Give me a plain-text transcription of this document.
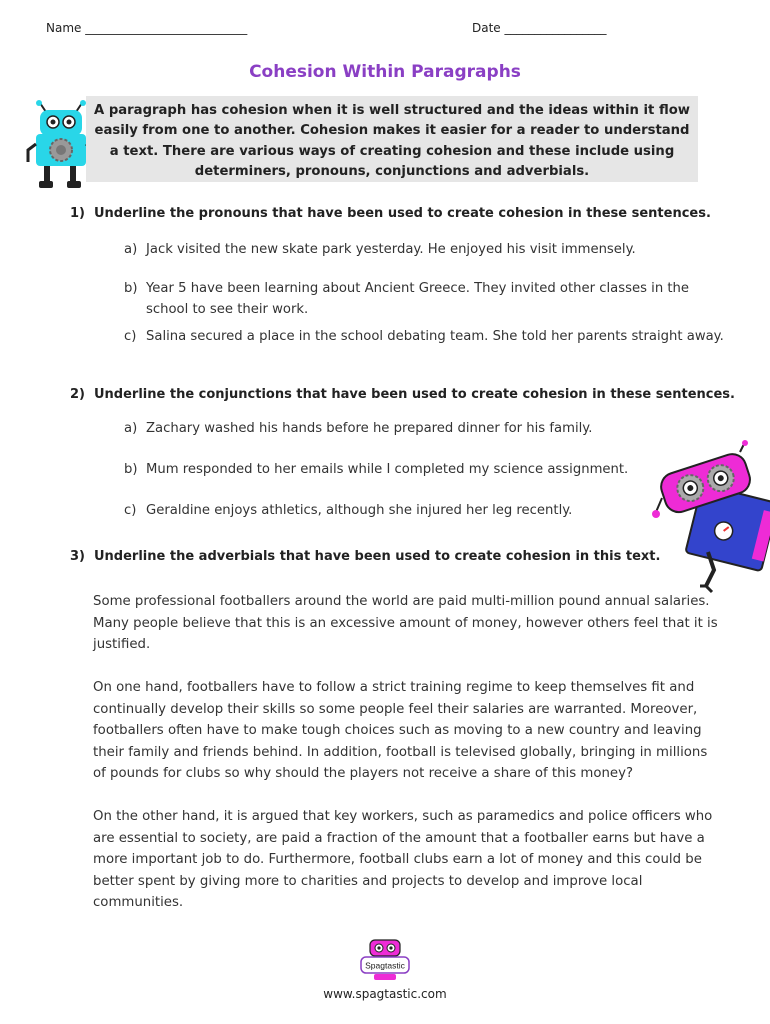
Name ___________________________	Date _________________
Cohesion Within Paragraphs
A paragraph has cohesion when it is well structured and the ideas within it flow easily from one to another. Cohesion makes it easier for a reader to understand a text. There are various ways of creating cohesion and these include using determiners, pronouns, conjunctions and adverbials.
1) Underline the pronouns that have been used to create cohesion in these sentences.
a) Jack visited the new skate park yesterday. He enjoyed his visit immensely.
b) Year 5 have been learning about Ancient Greece. They invited other classes in the school to see their work.
c) Salina secured a place in the school debating team. She told her parents straight away.
2) Underline the conjunctions that have been used to create cohesion in these sentences.
a) Zachary washed his hands before he prepared dinner for his family.
b) Mum responded to her emails while I completed my science assignment.
c) Geraldine enjoys athletics, although she injured her leg recently.
3) Underline the adverbials that have been used to create cohesion in this text.
Some professional footballers around the world are paid multi-million pound annual salaries. Many people believe that this is an excessive amount of money, however others feel that it is justified.
On one hand, footballers have to follow a strict training regime to keep themselves fit and continually develop their skills so some people feel their salaries are warranted. Moreover, footballers often have to make tough choices such as moving to a new country and leaving their family and friends behind. In addition, football is televised globally, bringing in millions of pounds for clubs so why should the players not receive a share of this money?
On the other hand, it is argued that key workers, such as paramedics and police officers who are essential to society, are paid a fraction of the amount that a footballer earns but have a more important job to do. Furthermore, football clubs earn a lot of money and this could be better spent by giving more to charities and projects to develop and improve local communities.
Spagtastic
www.spagtastic.com
